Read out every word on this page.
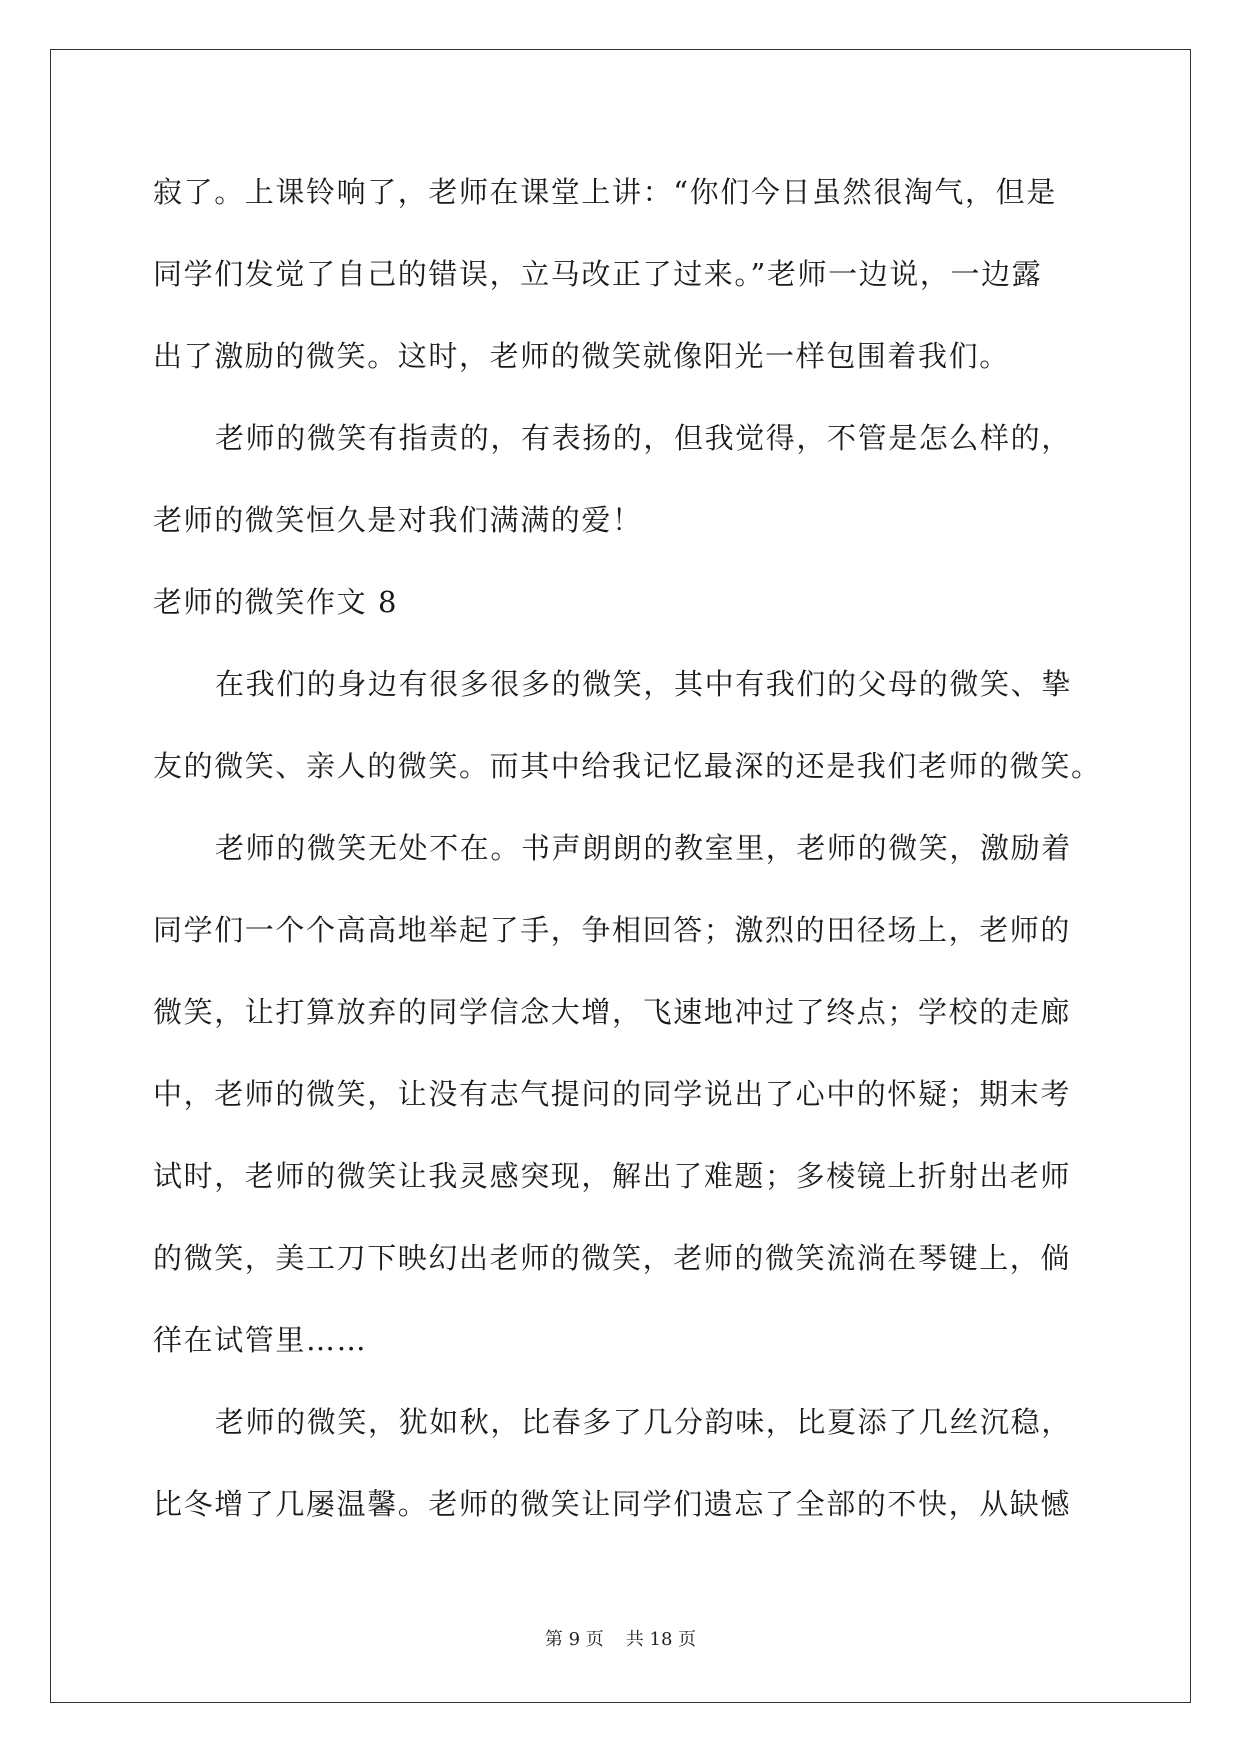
寂了。上课铃响了，老师在课堂上讲：“你们今日虽然很淘气，但是
同学们发觉了自己的错误，立马改正了过来。”老师一边说，一边露
出了激励的微笑。这时，老师的微笑就像阳光一样包围着我们。
老师的微笑有指责的，有表扬的，但我觉得，不管是怎么样的，
老师的微笑恒久是对我们满满的爱！
老师的微笑作文 8
在我们的身边有很多很多的微笑，其中有我们的父母的微笑、挚
友的微笑、亲人的微笑。而其中给我记忆最深的还是我们老师的微笑。
老师的微笑无处不在。书声朗朗的教室里，老师的微笑，激励着
同学们一个个高高地举起了手，争相回答；激烈的田径场上，老师的
微笑，让打算放弃的同学信念大增，飞速地冲过了终点；学校的走廊
中，老师的微笑，让没有志气提问的同学说出了心中的怀疑；期末考
试时，老师的微笑让我灵感突现，解出了难题；多棱镜上折射出老师
的微笑，美工刀下映幻出老师的微笑，老师的微笑流淌在琴键上，倘
徉在试管里……
老师的微笑，犹如秋，比春多了几分韵味，比夏添了几丝沉稳，
比冬增了几屡温馨。老师的微笑让同学们遗忘了全部的不快，从缺憾
第 9 页 共 18 页
